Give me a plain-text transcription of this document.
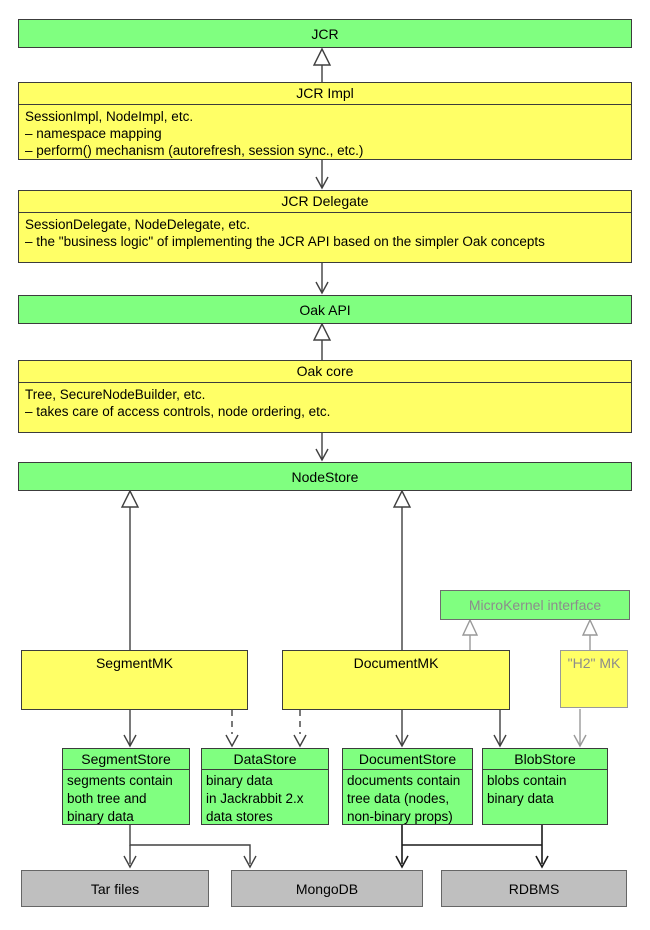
JCR
JCR Impl
SessionImpl, NodeImpl, etc.
– namespace mapping
– perform() mechanism (autorefresh, session sync., etc.)
JCR Delegate
SessionDelegate, NodeDelegate, etc.
– the "business logic" of implementing the JCR API based on the simpler Oak concepts
Oak API
Oak core
Tree, SecureNodeBuilder, etc.
– takes care of access controls, node ordering, etc.
NodeStore
MicroKernel interface
SegmentMK	DocumentMK	"H2" MK
SegmentStore
segments contain
both tree and
binary data
DataStore
binary data
in Jackrabbit 2.x
data stores
DocumentStore
documents contain
tree data (nodes,
non-binary props)
BlobStore
blobs contain
binary data
Tar files	MongoDB	RDBMS
